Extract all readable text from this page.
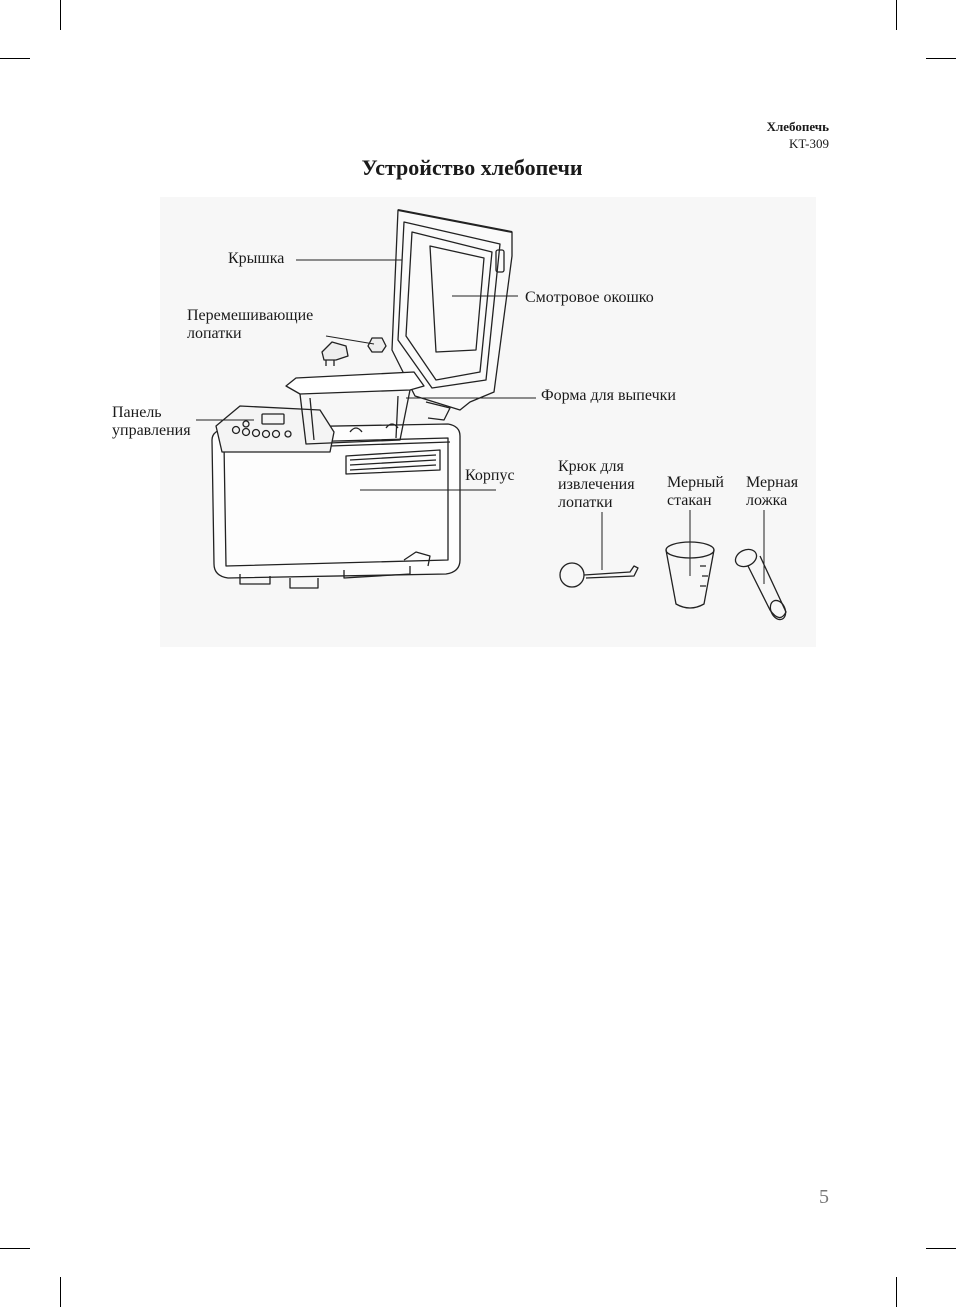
Хлебопечь
KT-309
Устройство хлебопечи
Крышка
Смотровое окошко
Перемешивающие
лопатки
Форма для выпечки
Панель
управления
Корпус
Крюк для
извлечения
лопатки
Мерный
стакан
Мерная
ложка
5
